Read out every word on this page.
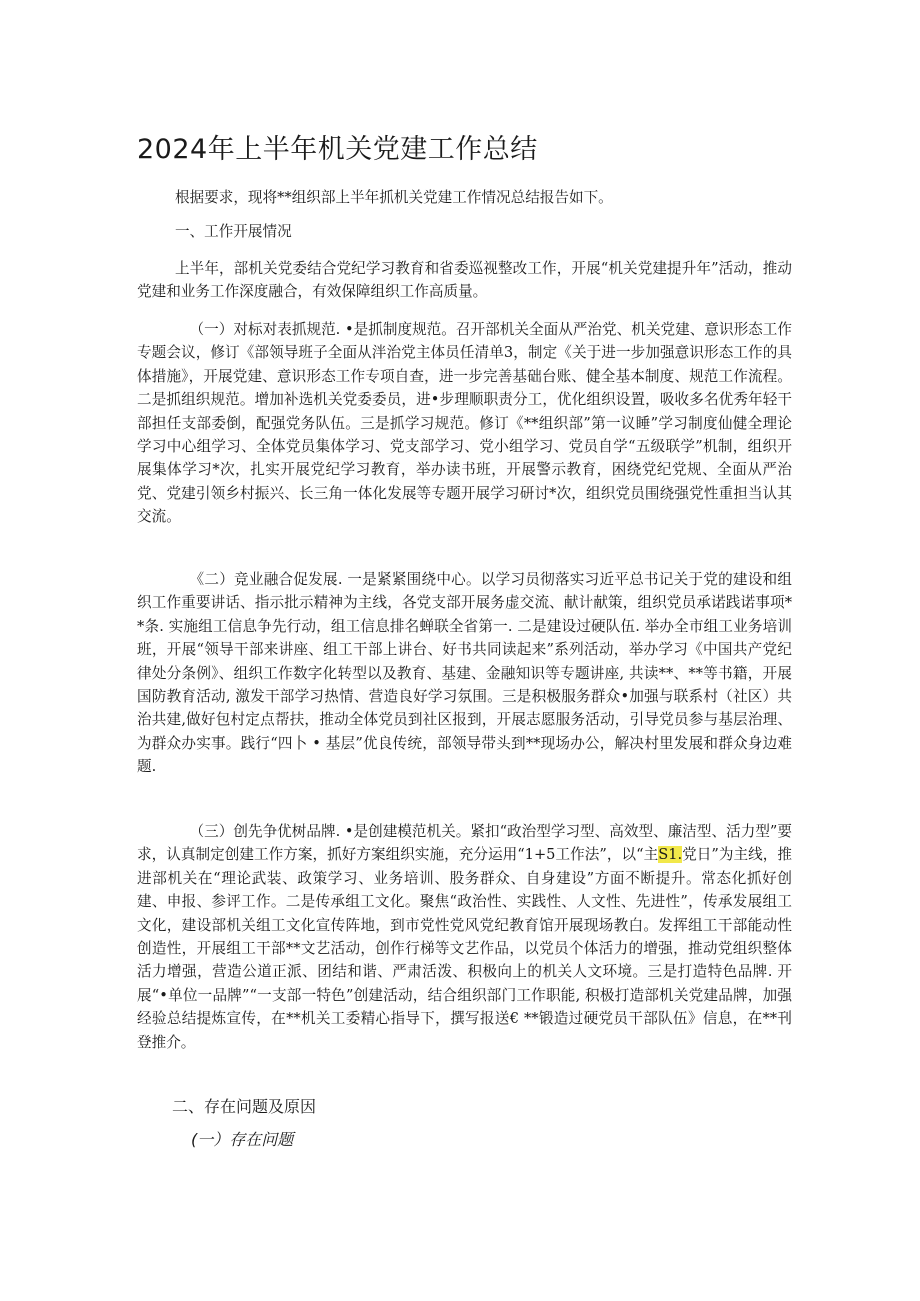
2024年上半年机关党建工作总结

根据要求，现将**组织部上半年抓机关党建工作情况总结报告如下。

一、工作开展情况

上半年，部机关党委结合党纪学习教育和省委巡视整改工作，开展“机关党建提升年”活动，推动党建和业务工作深度融合，有效保障组织工作高质量。

（一）对标对表抓规范. •是抓制度规范。召开部机关全面从严治党、机关党建、意识形态工作专题会议，修订《部领导班子全面从泮治党主体员任清单3，制定《关于进一步加强意识形态工作的具体措施》，开展党建、意识形态工作专项自查，进一步完善基础台账、健全基本制度、规范工作流程。二是抓组织规范。增加补选机关党委委员，进•步理顺职责分工，优化组织设置，吸收多名优秀年轻干部担任支部委倒，配强党务队伍。三是抓学习规范。修订《**组织部”第一议睡”学习制度仙健全理论学习中心组学习、全体党员集体学习、党支部学习、党小组学习、党员自学“五级联学”机制，组织开展集体学习*次，扎实开展党纪学习教育，举办读书班，开展警示教育，困绕党纪党规、全面从严治党、党建引领乡村振兴、长三角一体化发展等专题开展学习研讨*次，组织党员围绕强党性重担当认其交流。

《二）竞业融合促发展. 一是紧紧围绕中心。以学习员彻落实习近平总书记关于党的建设和组织工作重要讲话、指示批示精神为主线，各党支部开展务虚交流、献计献策，组织党员承诺践诺事项**条. 实施组工信息争先行动，组工信息排名蝉联全省第一. 二是建设过硬队伍. 举办全市组工业务培训班，开展“领导干部来讲座、组工干部上讲台、好书共同读起来”系列活动，举办学习《中国共产党纪律处分条例》、组织工作数字化转型以及教育、基建、金融知识等专题讲座, 共读**、**等书籍，开展国防教育活动, 激发干部学习热情、营造良好学习氛围。三是积极服务群众•加强与联系村（社区）共治共建,做好包村定点帮扶，推动全体党员到社区报到，开展志愿服务活动，引导党员参与基层治理、为群众办实事。践行“四卜 • 基层”优良传统，部领导带头到**现场办公，解决村里发展和群众身边难题.

（三）创先争优树品牌. •是创建模范机关。紧扣“政治型学习型、高效型、廉洁型、活力型”要求，认真制定创建工作方案，抓好方案组织实施，充分运用“1+5工作法”，以“主S1.党日”为主线，推进部机关在“理论武装、政策学习、业务培训、股务群众、自身建设”方面不断提升。常态化抓好创建、申报、参评工作。二是传承组工文化。聚焦“政治性、实践性、人文性、先进性”，传承发展组工文化，建设部机关组工文化宣传阵地，到市党性党风党纪教育馆开展现场教白。发挥组工干部能动性创造性，开展组工干部**文艺活动，创作行梯等文艺作品，以党员个体活力的增强，推动党组织整体活力增强，营造公道正派、团结和谐、严肃活泼、积极向上的机关人文环境。三是打造特色品牌. 开展“•单位一品牌”“一支部一特色”创建活动，结合组织部门工作职能, 积极打造部机关党建品牌，加强经验总结提炼宣传，在**机关工委精心指导下，撰写报送€ **锻造过硬党员干部队伍》信息，在**刊登推介。

二、存在问题及原因
(一）存在问题
